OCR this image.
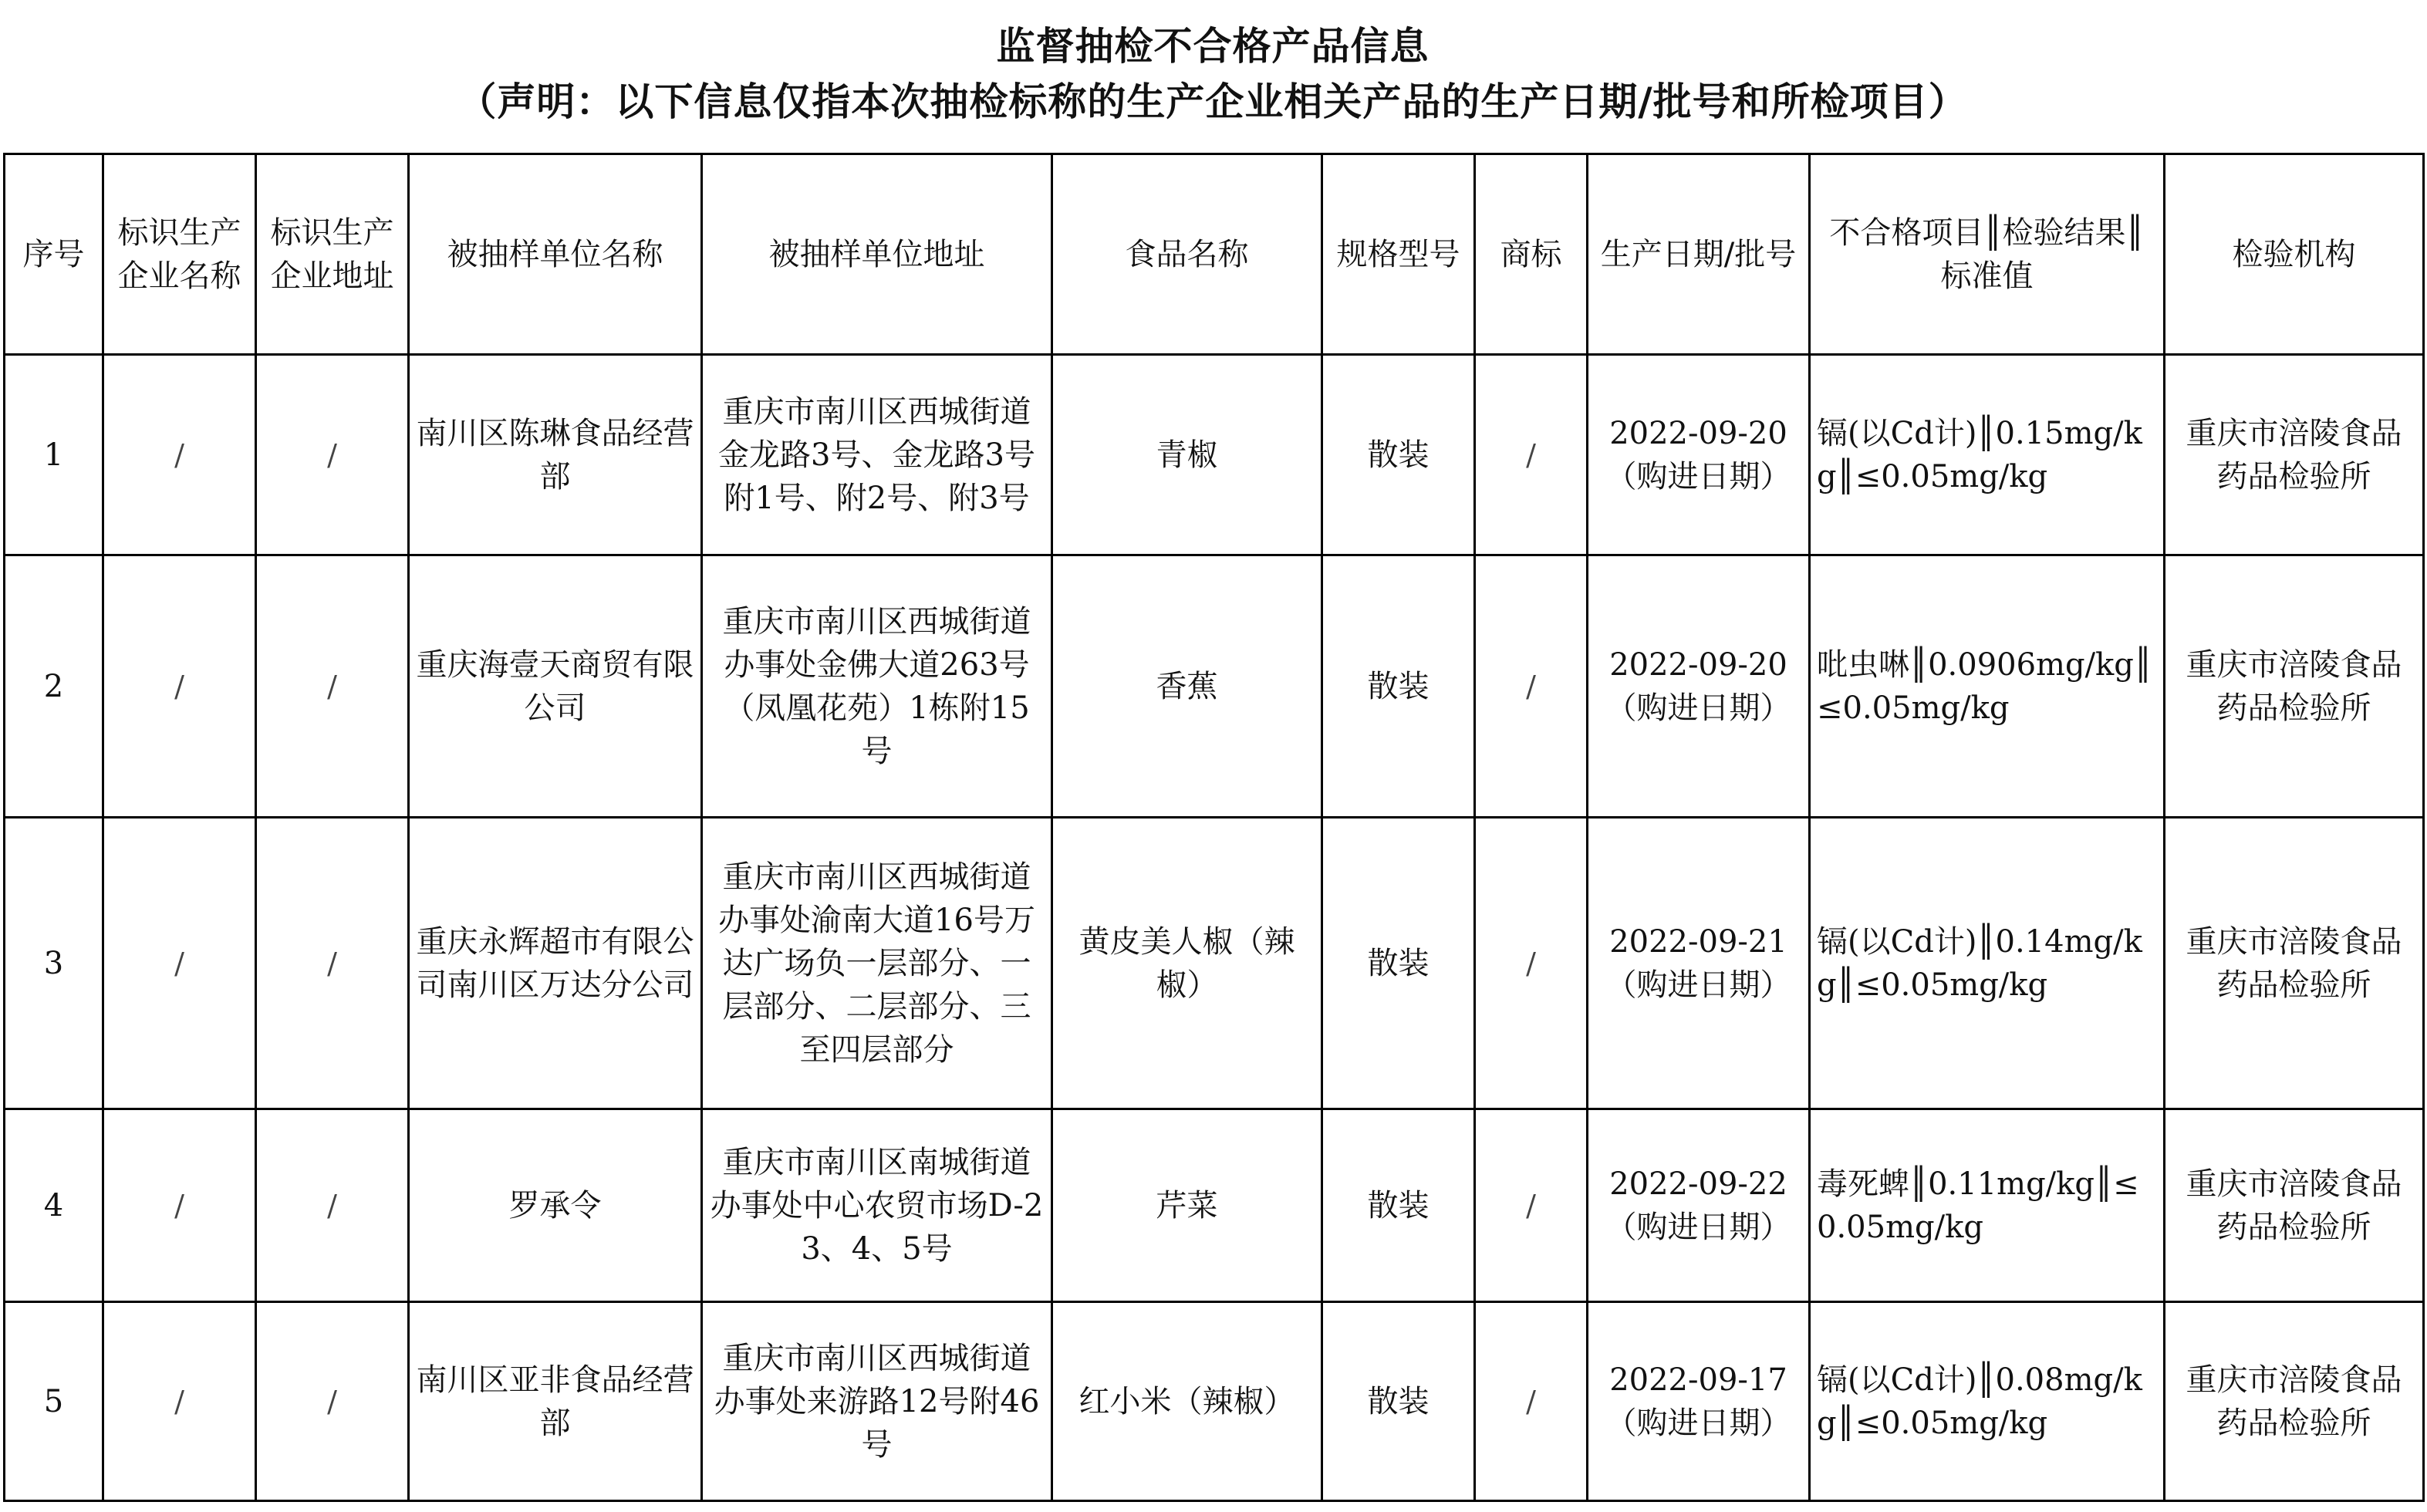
监督抽检不合格产品信息
（声明：以下信息仅指本次抽检标称的生产企业相关产品的生产日期/批号和所检项目）
序号	标识生产企业名称	标识生产企业地址	被抽样单位名称	被抽样单位地址	食品名称	规格型号	商标	生产日期/批号	不合格项目║检验结果║标准值	检验机构
1	/	/	南川区陈琳食品经营部	重庆市南川区西城街道金龙路3号、金龙路3号附1号、附2号、附3号	青椒	散装	/	2022-09-20（购进日期）	镉(以Cd计)║0.15mg/kg║≤0.05mg/kg	重庆市涪陵食品药品检验所
2	/	/	重庆海壹天商贸有限公司	重庆市南川区西城街道办事处金佛大道263号（凤凰花苑）1栋附15号	香蕉	散装	/	2022-09-20（购进日期）	吡虫啉║0.0906mg/kg║≤0.05mg/kg	重庆市涪陵食品药品检验所
3	/	/	重庆永辉超市有限公司南川区万达分公司	重庆市南川区西城街道办事处渝南大道16号万达广场负一层部分、一层部分、二层部分、三至四层部分	黄皮美人椒（辣椒）	散装	/	2022-09-21（购进日期）	镉(以Cd计)║0.14mg/kg║≤0.05mg/kg	重庆市涪陵食品药品检验所
4	/	/	罗承令	重庆市南川区南城街道办事处中心农贸市场D-2 3、4、5号	芹菜	散装	/	2022-09-22（购进日期）	毒死蜱║0.11mg/kg║≤0.05mg/kg	重庆市涪陵食品药品检验所
5	/	/	南川区亚非食品经营部	重庆市南川区西城街道办事处来游路12号附46号	红小米（辣椒）	散装	/	2022-09-17（购进日期）	镉(以Cd计)║0.08mg/kg║≤0.05mg/kg	重庆市涪陵食品药品检验所
